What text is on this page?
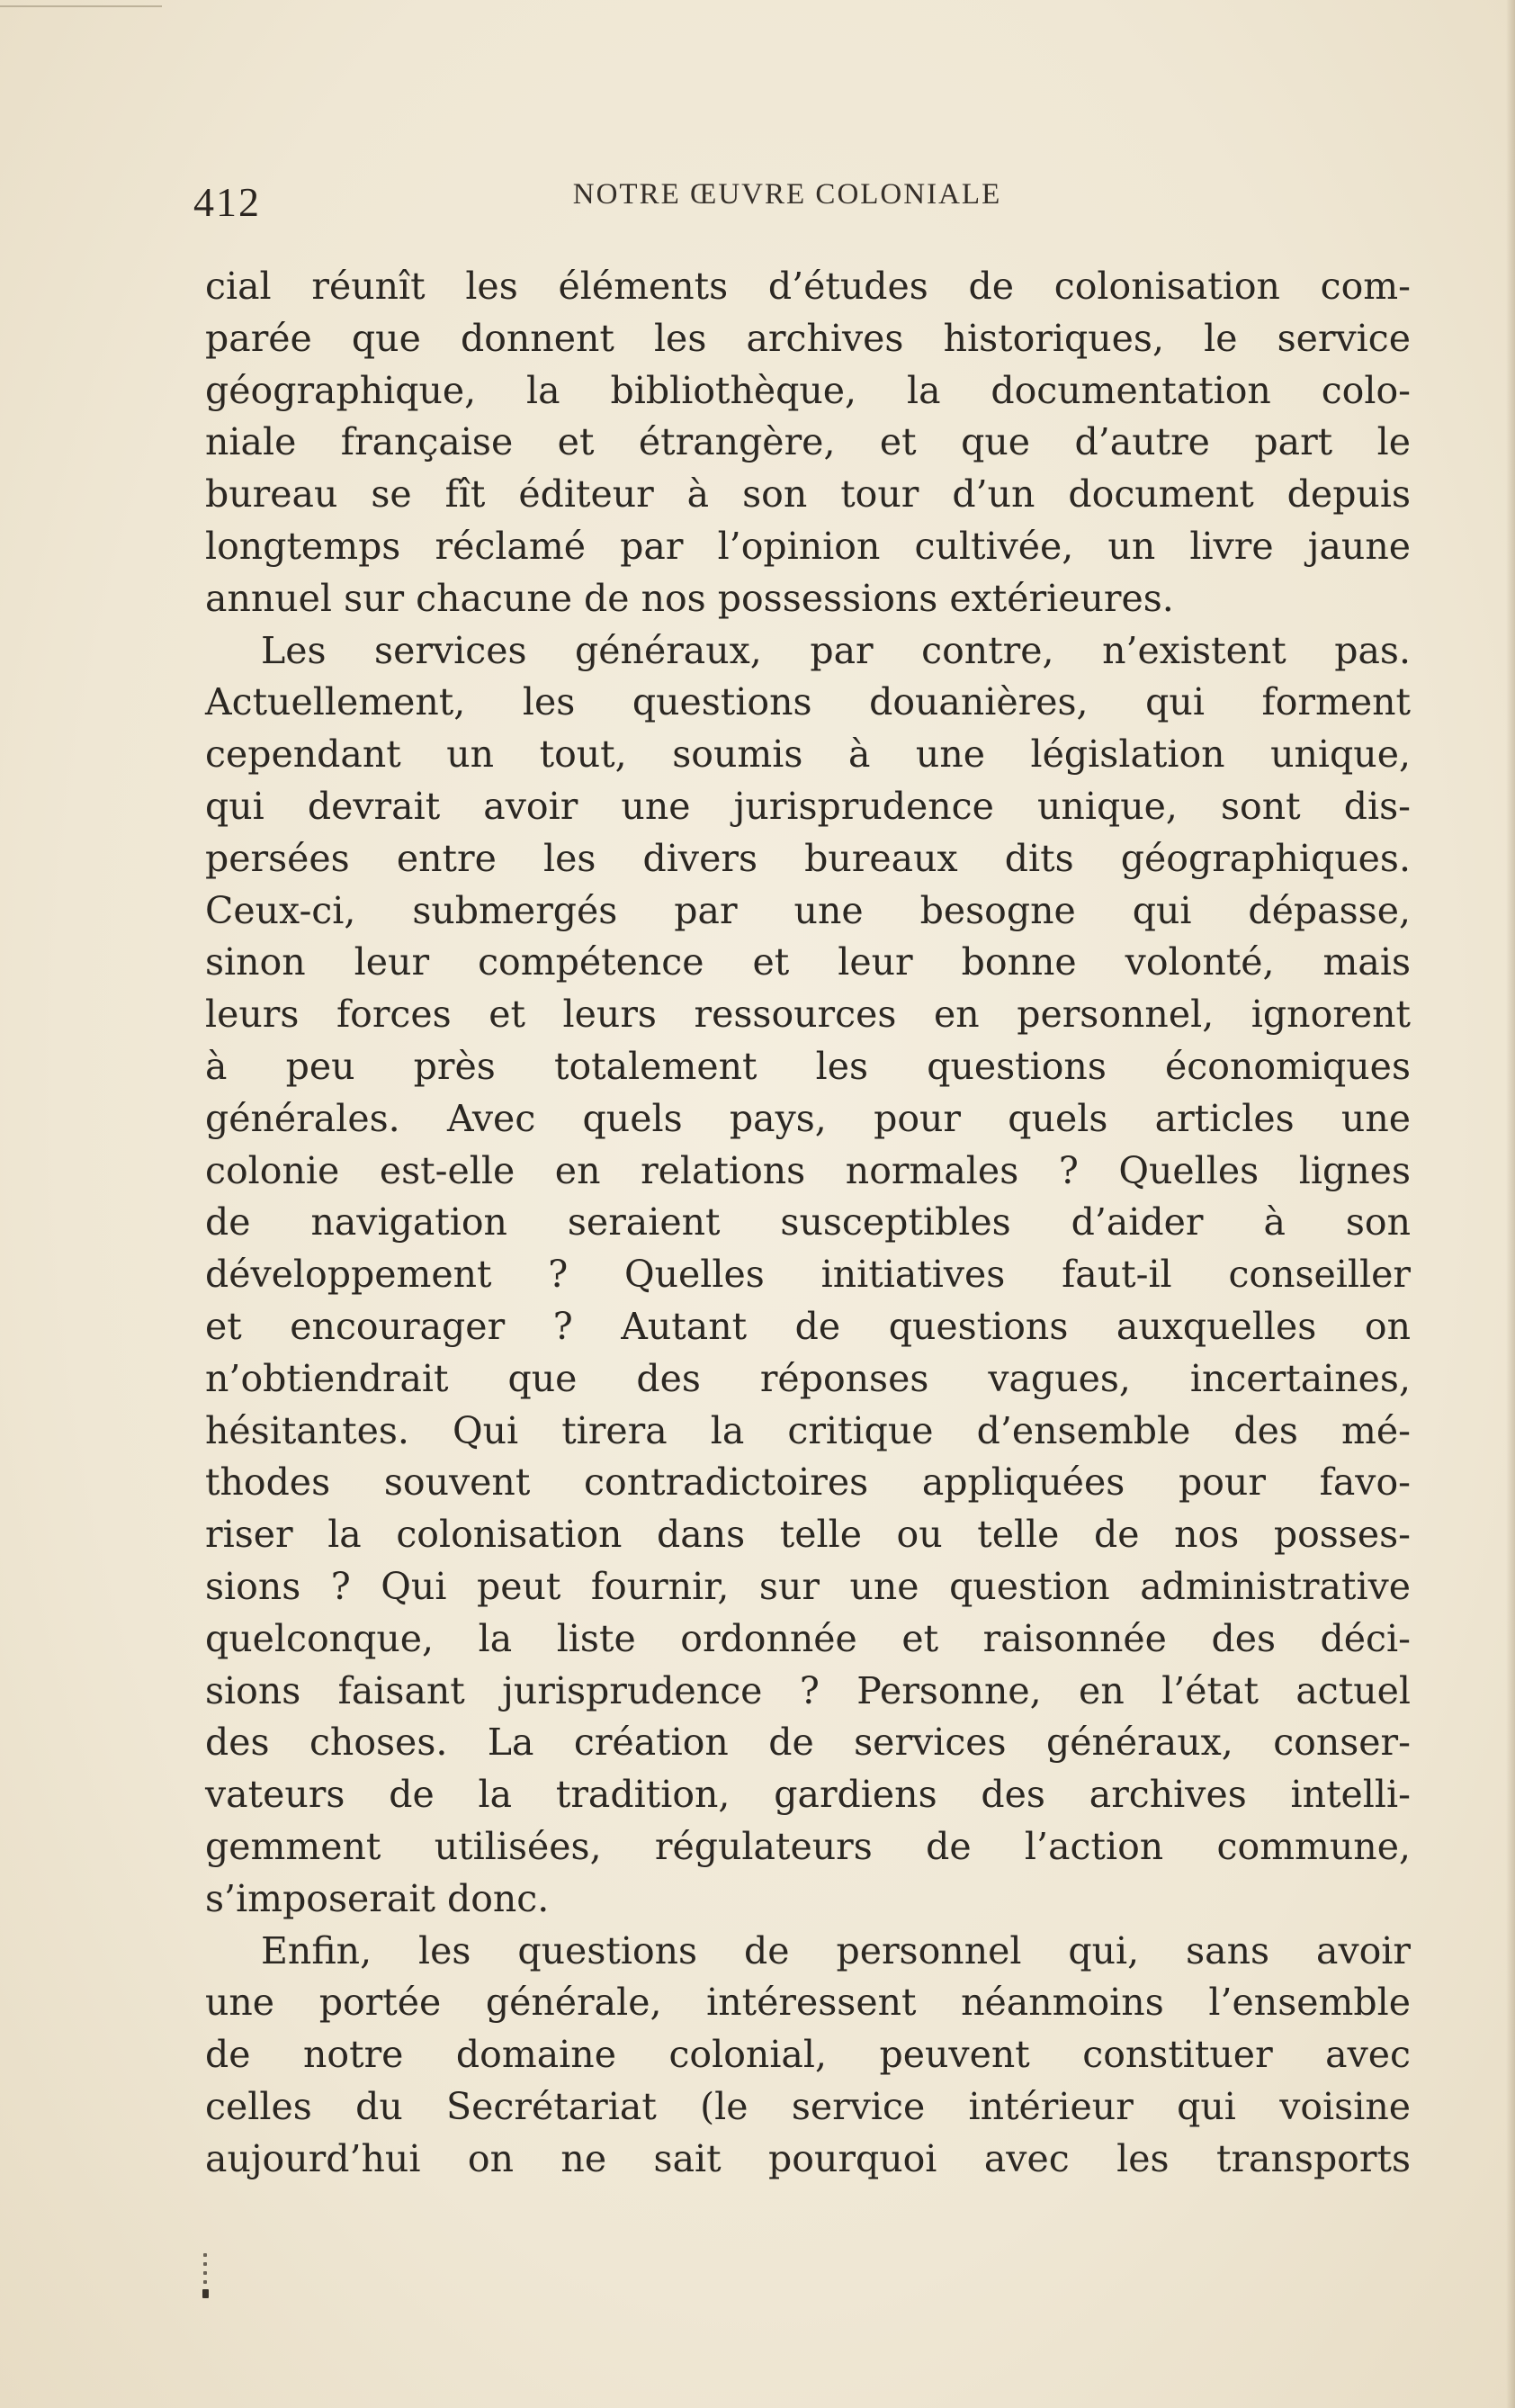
412	NOTRE ŒUVRE COLONIALE
cial réunît les éléments d’études de colonisation com-
parée que donnent les archives historiques, le service
géographique, la bibliothèque, la documentation colo-
niale française et étrangère, et que d’autre part le
bureau se fît éditeur à son tour d’un document depuis
longtemps réclamé par l’opinion cultivée, un livre jaune
annuel sur chacune de nos possessions extérieures.
Les services généraux, par contre, n’existent pas.
Actuellement, les questions douanières, qui forment
cependant un tout, soumis à une législation unique,
qui devrait avoir une jurisprudence unique, sont dis-
persées entre les divers bureaux dits géographiques.
Ceux-ci, submergés par une besogne qui dépasse,
sinon leur compétence et leur bonne volonté, mais
leurs forces et leurs ressources en personnel, ignorent
à peu près totalement les questions économiques
générales. Avec quels pays, pour quels articles une
colonie est-elle en relations normales ? Quelles lignes
de navigation seraient susceptibles d’aider à son
développement ? Quelles initiatives faut-il conseiller
et encourager ? Autant de questions auxquelles on
n’obtiendrait que des réponses vagues, incertaines,
hésitantes. Qui tirera la critique d’ensemble des mé-
thodes souvent contradictoires appliquées pour favo-
riser la colonisation dans telle ou telle de nos posses-
sions ? Qui peut fournir, sur une question administrative
quelconque, la liste ordonnée et raisonnée des déci-
sions faisant jurisprudence ? Personne, en l’état actuel
des choses. La création de services généraux, conser-
vateurs de la tradition, gardiens des archives intelli-
gemment utilisées, régulateurs de l’action commune,
s’imposerait donc.
Enfin, les questions de personnel qui, sans avoir
une portée générale, intéressent néanmoins l’ensemble
de notre domaine colonial, peuvent constituer avec
celles du Secrétariat (le service intérieur qui voisine
aujourd’hui on ne sait pourquoi avec les transports
